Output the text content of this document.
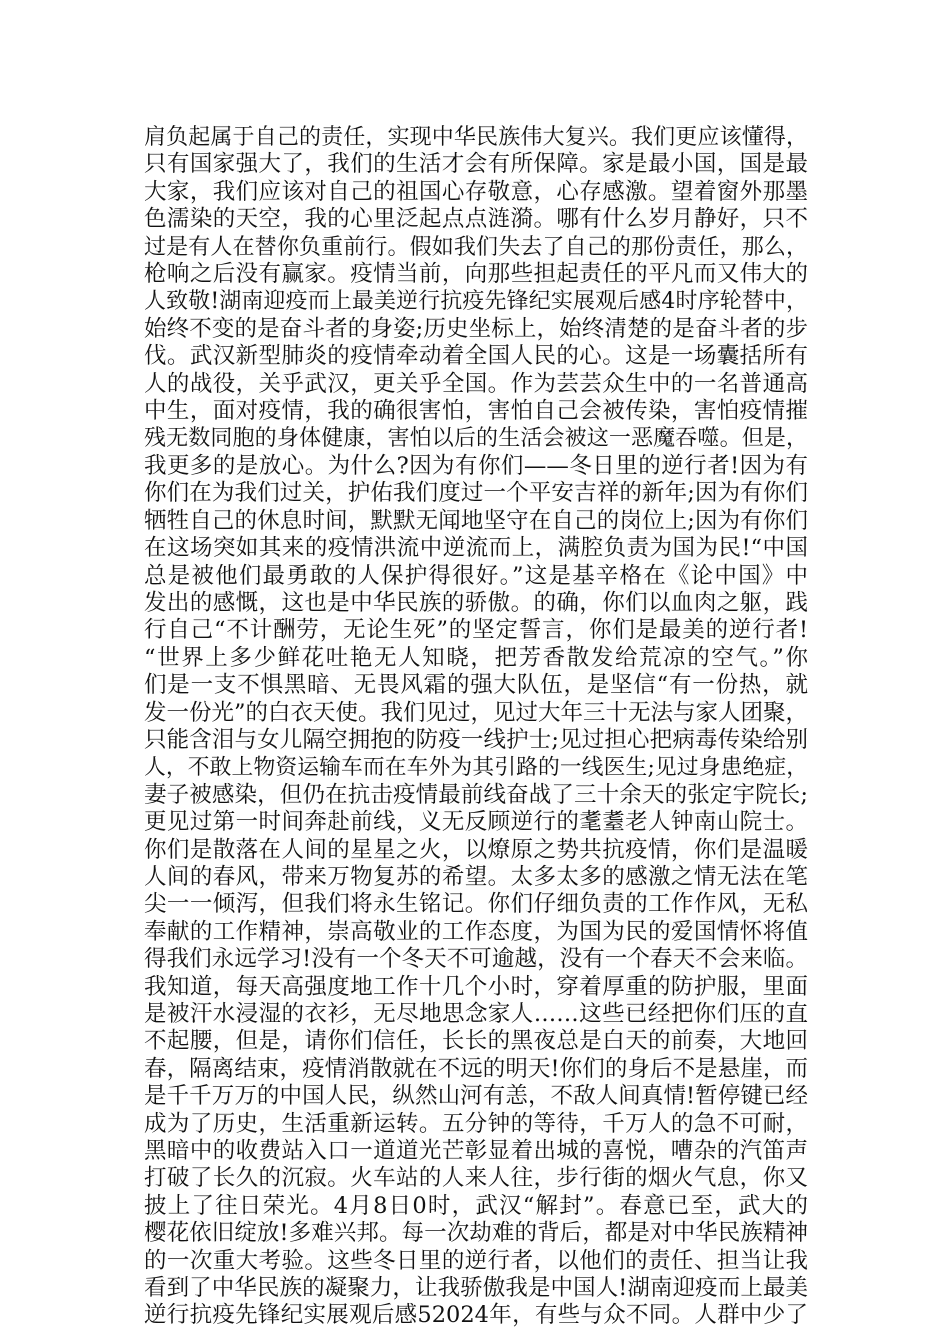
肩负起属于自己的责任，实现中华民族伟大复兴。我们更应该懂得，
只有国家强大了，我们的生活才会有所保障。家是最小国，国是最
大家，我们应该对自己的祖国心存敬意，心存感激。望着窗外那墨
色濡染的天空，我的心里泛起点点涟漪。哪有什么岁月静好，只不
过是有人在替你负重前行。假如我们失去了自己的那份责任，那么，
枪响之后没有赢家。疫情当前，向那些担起责任的平凡而又伟大的
人致敬!湖南迎疫而上最美逆行抗疫先锋纪实展观后感4时序轮替中，
始终不变的是奋斗者的身姿;历史坐标上，始终清楚的是奋斗者的步
伐。武汉新型肺炎的疫情牵动着全国人民的心。这是一场囊括所有
人的战役，关乎武汉，更关乎全国。作为芸芸众生中的一名普通高
中生，面对疫情，我的确很害怕，害怕自己会被传染，害怕疫情摧
残无数同胞的身体健康，害怕以后的生活会被这一恶魔吞噬。但是，
我更多的是放心。为什么?因为有你们——冬日里的逆行者!因为有
你们在为我们过关，护佑我们度过一个平安吉祥的新年;因为有你们
牺牲自己的休息时间，默默无闻地坚守在自己的岗位上;因为有你们
在这场突如其来的疫情洪流中逆流而上，满腔负责为国为民!“中国
总是被他们最勇敢的人保护得很好。”这是基辛格在《论中国》中
发出的感慨，这也是中华民族的骄傲。的确，你们以血肉之躯，践
行自己“不计酬劳，无论生死”的坚定誓言，你们是最美的逆行者!
“世界上多少鲜花吐艳无人知晓，把芳香散发给荒凉的空气。”你
们是一支不惧黑暗、无畏风霜的强大队伍，是坚信“有一份热，就
发一份光”的白衣天使。我们见过，见过大年三十无法与家人团聚，
只能含泪与女儿隔空拥抱的防疫一线护士;见过担心把病毒传染给别
人，不敢上物资运输车而在车外为其引路的一线医生;见过身患绝症，
妻子被感染，但仍在抗击疫情最前线奋战了三十余天的张定宇院长;
更见过第一时间奔赴前线，义无反顾逆行的耄耋老人钟南山院士。
你们是散落在人间的星星之火，以燎原之势共抗疫情，你们是温暖
人间的春风，带来万物复苏的希望。太多太多的感激之情无法在笔
尖一一倾泻，但我们将永生铭记。你们仔细负责的工作作风，无私
奉献的工作精神，崇高敬业的工作态度，为国为民的爱国情怀将值
得我们永远学习!没有一个冬天不可逾越，没有一个春天不会来临。
我知道，每天高强度地工作十几个小时，穿着厚重的防护服，里面
是被汗水浸湿的衣衫，无尽地思念家人……这些已经把你们压的直
不起腰，但是，请你们信任，长长的黑夜总是白天的前奏，大地回
春，隔离结束，疫情消散就在不远的明天!你们的身后不是悬崖，而
是千千万万的中国人民，纵然山河有恙，不敌人间真情!暂停键已经
成为了历史，生活重新运转。五分钟的等待，千万人的急不可耐，
黑暗中的收费站入口一道道光芒彰显着出城的喜悦，嘈杂的汽笛声
打破了长久的沉寂。火车站的人来人往，步行街的烟火气息，你又
披上了往日荣光。4月8日0时，武汉“解封”。春意已至，武大的
樱花依旧绽放!多难兴邦。每一次劫难的背后，都是对中华民族精神
的一次重大考验。这些冬日里的逆行者，以他们的责任、担当让我
看到了中华民族的凝聚力，让我骄傲我是中国人!湖南迎疫而上最美
逆行抗疫先锋纪实展观后感52024年，有些与众不同。人群中少了
